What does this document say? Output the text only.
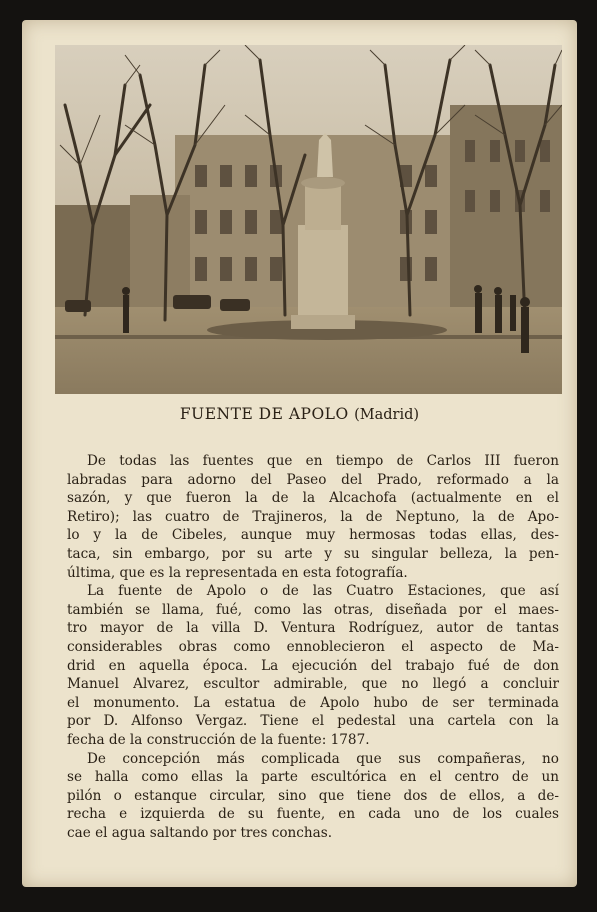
FUENTE DE APOLO (Madrid)
De todas las fuentes que en tiempo de Carlos III fueron
labradas para adorno del Paseo del Prado, reformado a la
sazón, y que fueron la de la Alcachofa (actualmente en el
Retiro); las cuatro de Trajineros, la de Neptuno, la de Apo-
lo y la de Cibeles, aunque muy hermosas todas ellas, des-
taca, sin embargo, por su arte y su singular belleza, la pen-
última, que es la representada en esta fotografía.
La fuente de Apolo o de las Cuatro Estaciones, que así
también se llama, fué, como las otras, diseñada por el maes-
tro mayor de la villa D. Ventura Rodríguez, autor de tantas
considerables obras como ennoblecieron el aspecto de Ma-
drid en aquella época. La ejecución del trabajo fué de don
Manuel Alvarez, escultor admirable, que no llegó a concluir
el monumento. La estatua de Apolo hubo de ser terminada
por D. Alfonso Vergaz. Tiene el pedestal una cartela con la
fecha de la construcción de la fuente: 1787.
De concepción más complicada que sus compañeras, no
se halla como ellas la parte escultórica en el centro de un
pilón o estanque circular, sino que tiene dos de ellos, a de-
recha e izquierda de su fuente, en cada uno de los cuales
cae el agua saltando por tres conchas.
